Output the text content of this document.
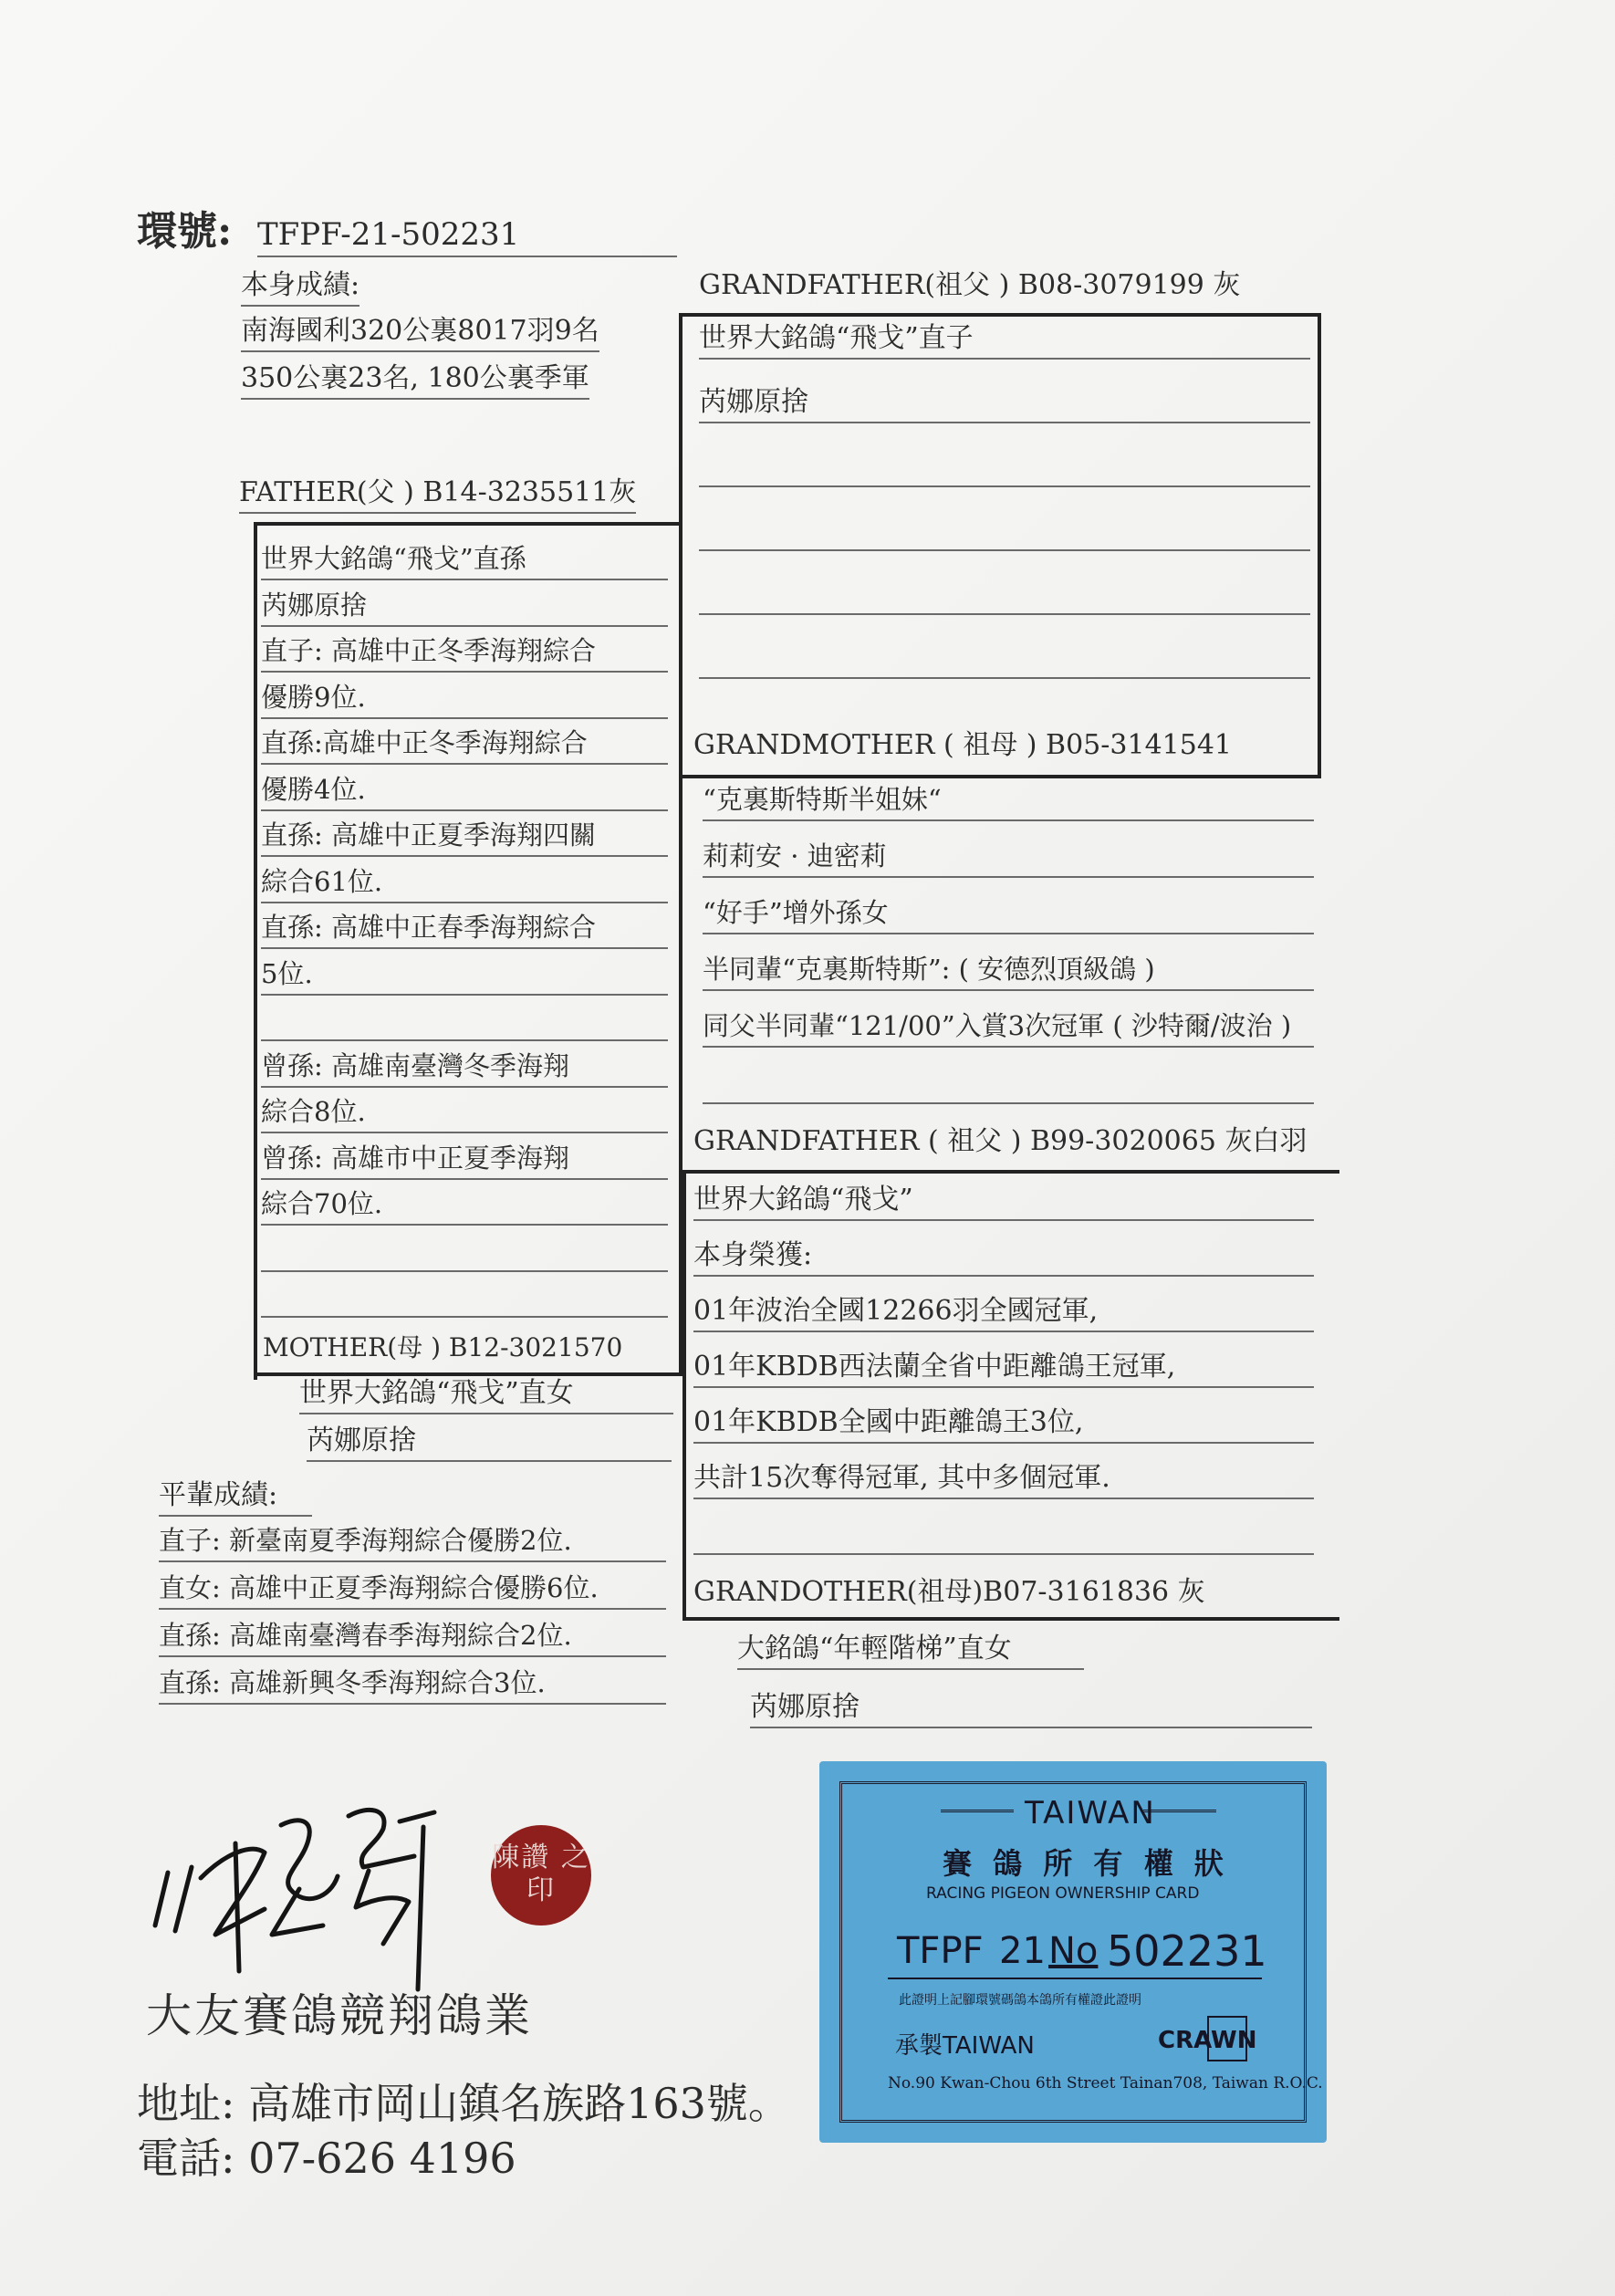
環號: TFPF-21-502231
本身成績:
南海國利320公裏8017羽9名
350公裏23名, 180公裏季軍
FATHER(父 ) B14-3235511灰
世界大銘鴿“飛戈”直孫
芮娜原捨
直子: 高雄中正冬季海翔綜合
優勝9位.
直孫:高雄中正冬季海翔綜合
優勝4位.
直孫: 高雄中正夏季海翔四關
綜合61位.
直孫: 高雄中正春季海翔綜合
5位.
曾孫: 高雄南臺灣冬季海翔
綜合8位.
曾孫: 高雄市中正夏季海翔
綜合70位.
MOTHER(母 ) B12-3021570
世界大銘鴿“飛戈”直女
芮娜原捨
平輩成績:
直子: 新臺南夏季海翔綜合優勝2位.
直女: 高雄中正夏季海翔綜合優勝6位.
直孫: 高雄南臺灣春季海翔綜合2位.
直孫: 高雄新興冬季海翔綜合3位.
GRANDFATHER(祖父 ) B08-3079199 灰
世界大銘鴿“飛戈”直子
芮娜原捨
GRANDMOTHER ( 祖母 ) B05-3141541
“克裏斯特斯半姐妹“
莉莉安 · 迪密莉
“好手”增外孫女
半同輩“克裏斯特斯”: ( 安德烈頂級鴿 )
同父半同輩“121/00”入賞3次冠軍 ( 沙特爾/波治 )
GRANDFATHER ( 祖父 ) B99-3020065 灰白羽
世界大銘鴿“飛戈”
本身榮獲:
01年波治全國12266羽全國冠軍,
01年KBDB西法蘭全省中距離鴿王冠軍,
01年KBDB全國中距離鴿王3位,
共計15次奪得冠軍, 其中多個冠軍.
GRANDOTHER(祖母)B07-3161836 灰
大銘鴿“年輕階梯”直女
芮娜原捨
陳讚 之印
大友賽鴿競翔鴿業
地址: 高雄市岡山鎮名族路163號。
電話: 07-626 4196
TAIWAN
賽 鴿 所 有 權 狀
RACING PIGEON OWNERSHIP CARD
TFPF 21 No 502231
此證明上記腳環號碼鴿本鴿所有權證此證明
承製TAIWAN	CRAWN
No.90 Kwan-Chou 6th Street Tainan708, Taiwan R.O.C.
